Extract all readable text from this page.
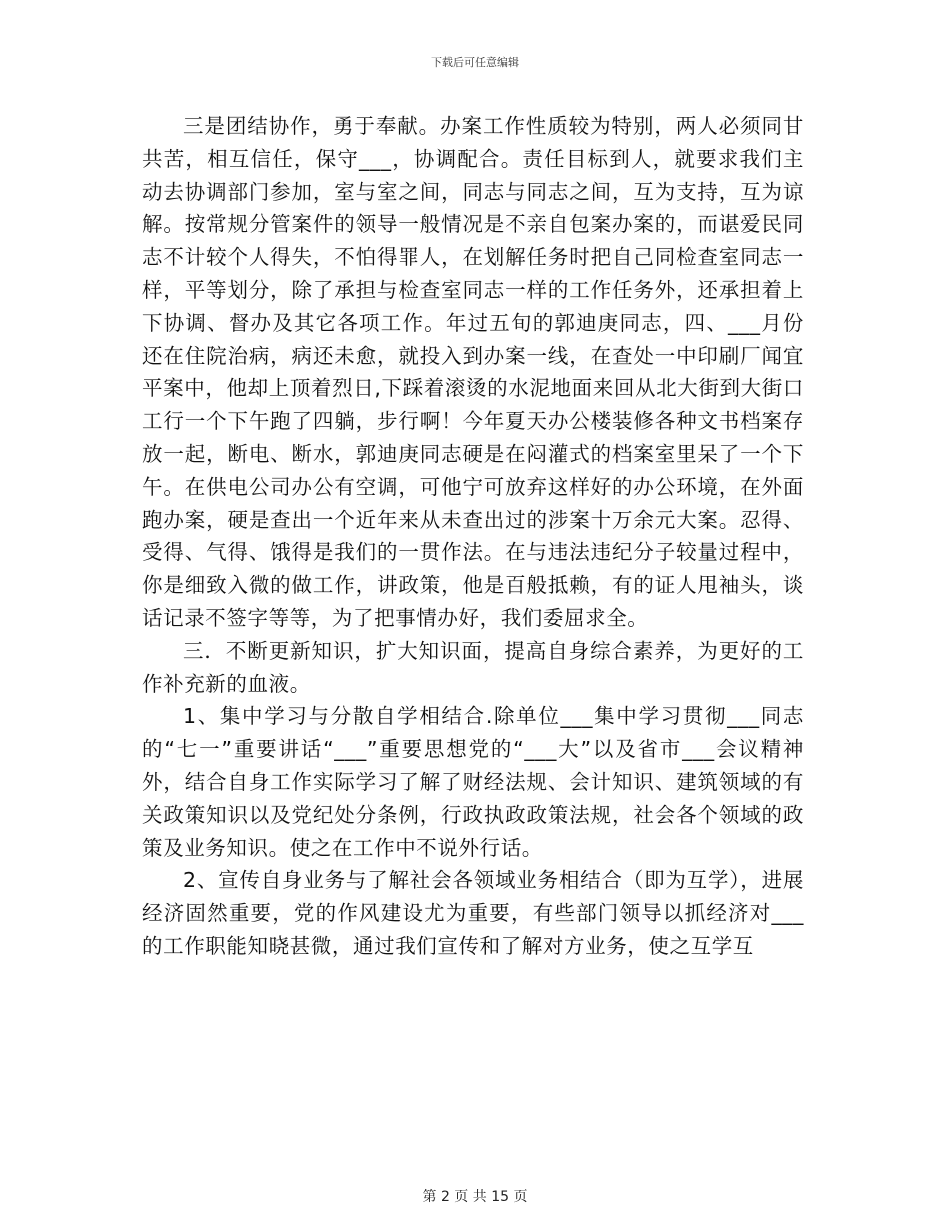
下载后可任意编辑

三是团结协作，勇于奉献。办案工作性质较为特别，两人必须同甘共苦，相互信任，保守___，协调配合。责任目标到人，就要求我们主动去协调部门参加，室与室之间，同志与同志之间，互为支持，互为谅解。按常规分管案件的领导一般情况是不亲自包案办案的，而谌爱民同志不计较个人得失，不怕得罪人，在划解任务时把自己同检查室同志一样，平等划分，除了承担与检查室同志一样的工作任务外，还承担着上下协调、督办及其它各项工作。年过五旬的郭迪庚同志，四、___月份还在住院治病，病还未愈，就投入到办案一线，在查处一中印刷厂闻宜平案中，他却上顶着烈日,下踩着滚烫的水泥地面来回从北大街到大街口工行一个下午跑了四躺，步行啊！今年夏天办公楼装修各种文书档案存放一起，断电、断水，郭迪庚同志硬是在闷灌式的档案室里呆了一个下午。在供电公司办公有空调，可他宁可放弃这样好的办公环境，在外面跑办案，硬是查出一个近年来从未查出过的涉案十万余元大案。忍得、受得、气得、饿得是我们的一贯作法。在与违法违纪分子较量过程中，你是细致入微的做工作，讲政策，他是百般抵赖，有的证人甩袖头，谈话记录不签字等等，为了把事情办好，我们委屈求全。

三．不断更新知识，扩大知识面，提高自身综合素养，为更好的工作补充新的血液。

1、集中学习与分散自学相结合.除单位___集中学习贯彻___同志的“七一”重要讲话“___”重要思想党的“___大”以及省市___会议精神外，结合自身工作实际学习了解了财经法规、会计知识、建筑领域的有关政策知识以及党纪处分条例，行政执政政策法规，社会各个领域的政策及业务知识。使之在工作中不说外行话。

2、宣传自身业务与了解社会各领域业务相结合（即为互学），进展经济固然重要，党的作风建设尤为重要，有些部门领导以抓经济对___的工作职能知晓甚微，通过我们宣传和了解对方业务，使之互学互

第 2 页 共 15 页
